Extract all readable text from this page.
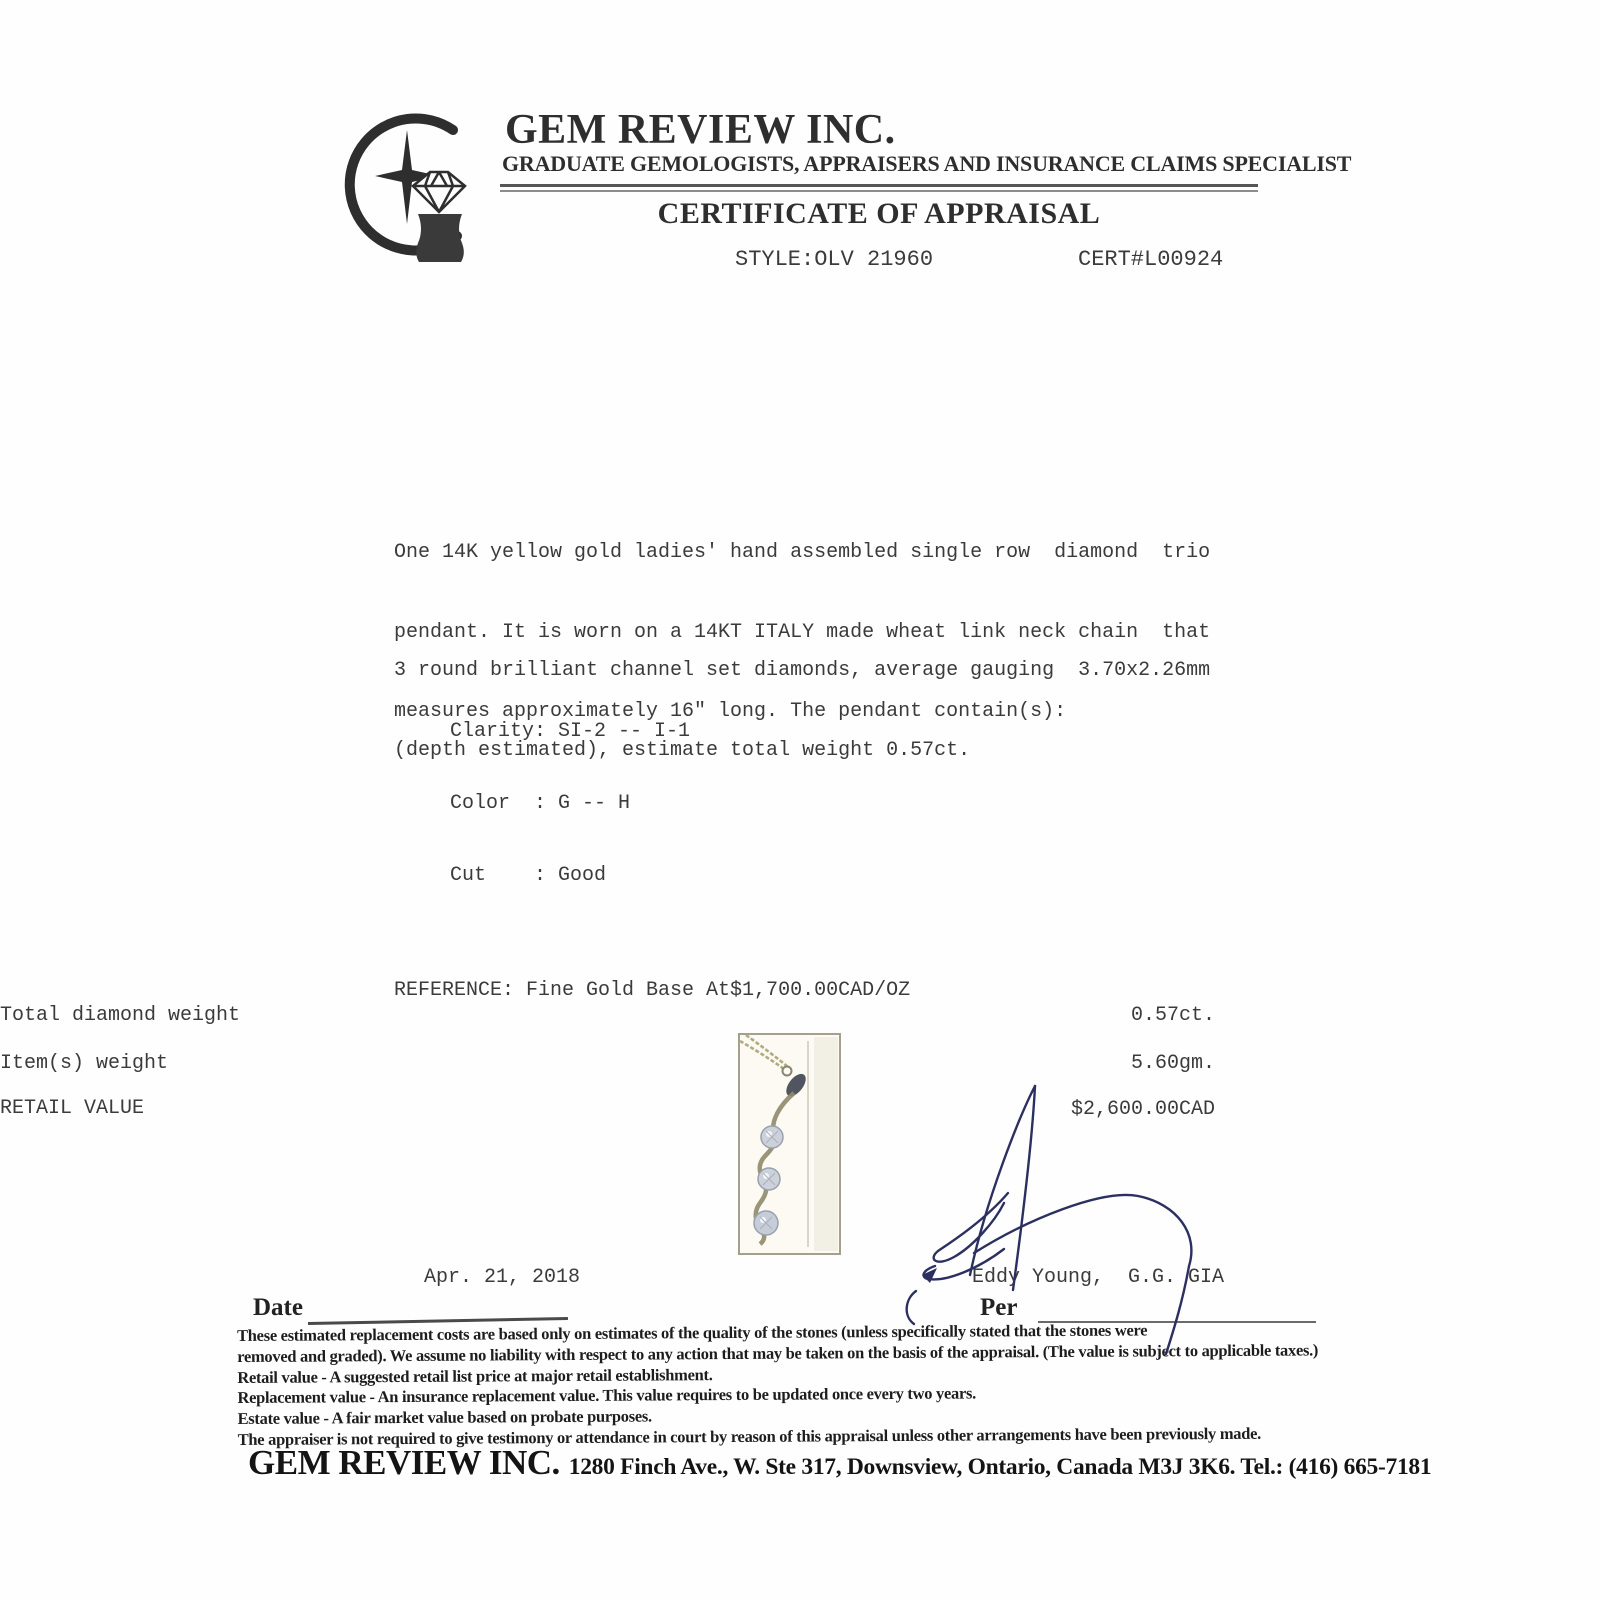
GEM REVIEW INC.
GRADUATE GEMOLOGISTS, APPRAISERS AND INSURANCE CLAIMS SPECIALIST
CERTIFICATE OF APPRAISAL
STYLE:OLV 21960	CERT#L00924

One 14K yellow gold ladies' hand assembled single row  diamond  trio

pendant. It is worn on a 14KT ITALY made wheat link neck chain  that

measures approximately 16" long. The pendant contain(s):

3 round brilliant channel set diamonds, average gauging  3.70x2.26mm

(depth estimated), estimate total weight 0.57ct.

Clarity: SI-2 -- I-1

Color  : G -- H

Cut    : Good

REFERENCE: Fine Gold Base At$1,700.00CAD/OZ
Total diamond weight	0.57ct.
Item(s) weight	5.60gm.
RETAIL VALUE	$2,600.00CAD
Apr. 21, 2018	Eddy Young,  G.G. GIA
Date	Per
These estimated replacement costs are based only on estimates of the quality of the stones (unless specifically stated that the stones were
removed and graded). We assume no liability with respect to any action that may be taken on the basis of the appraisal. (The value is subject to applicable taxes.)
Retail value - A suggested retail list price at major retail establishment.
Replacement value - An insurance replacement value. This value requires to be updated once every two years.
Estate value - A fair market value based on probate purposes.
The appraiser is not required to give testimony or attendance in court by reason of this appraisal unless other arrangements have been previously made.
GEM REVIEW INC. 1280 Finch Ave., W. Ste 317, Downsview, Ontario, Canada M3J 3K6. Tel.: (416) 665-7181
